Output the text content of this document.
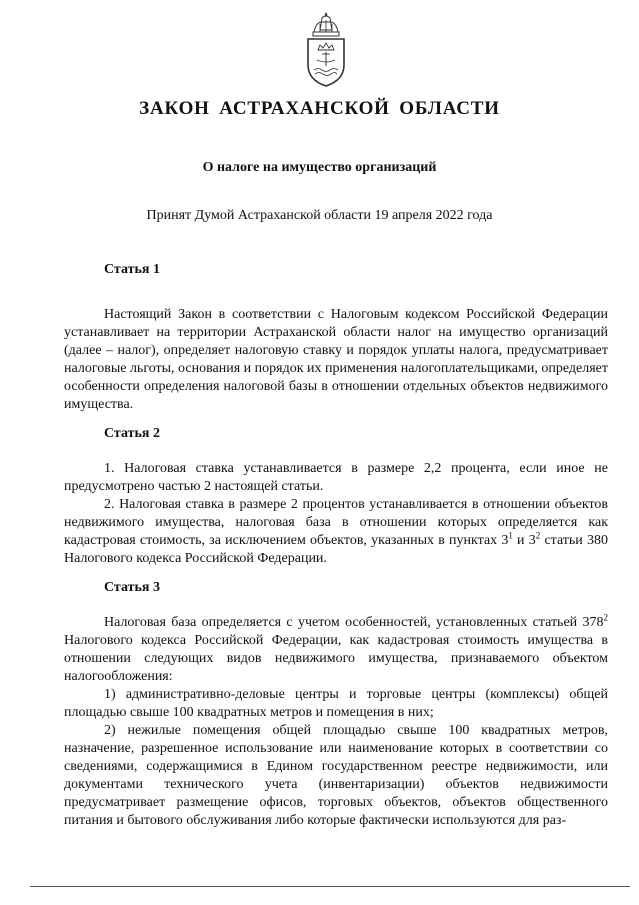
ЗАКОН АСТРАХАНСКОЙ ОБЛАСТИ
О налоге на имущество организаций
Принят Думой Астраханской области 19 апреля 2022 года
Статья 1

Настоящий Закон в соответствии с Налоговым кодексом Российской Федерации устанавливает на территории Астраханской области налог на имущество организаций (далее – налог), определяет налоговую ставку и порядок уплаты налога, предусматривает налоговые льготы, основания и порядок их применения налогоплательщиками, определяет особенности определения налоговой базы в отношении отдельных объектов недвижимого имущества.

Статья 2

1. Налоговая ставка устанавливается в размере 2,2 процента, если иное не предусмотрено частью 2 настоящей статьи.

2. Налоговая ставка в размере 2 процентов устанавливается в отношении объектов недвижимого имущества, налоговая база в отношении которых определяется как кадастровая стоимость, за исключением объектов, указанных в пунктах $3^1$ и $3^2$ статьи 380 Налогового кодекса Российской Федерации.

Статья 3

Налоговая база определяется с учетом особенностей, установленных статьей $378^2$ Налогового кодекса Российской Федерации, как кадастровая стоимость имущества в отношении следующих видов недвижимого имущества, признаваемого объектом налогообложения:

1) административно-деловые центры и торговые центры (комплексы) общей площадью свыше 100 квадратных метров и помещения в них;

2) нежилые помещения общей площадью свыше 100 квадратных метров, назначение, разрешенное использование или наименование которых в соответствии со сведениями, содержащимися в Едином государственном реестре недвижимости, или документами технического учета (инвентаризации) объектов недвижимости предусматривает размещение офисов, торговых объектов, объектов общественного питания и бытового обслуживания либо которые фактически используются для раз-
